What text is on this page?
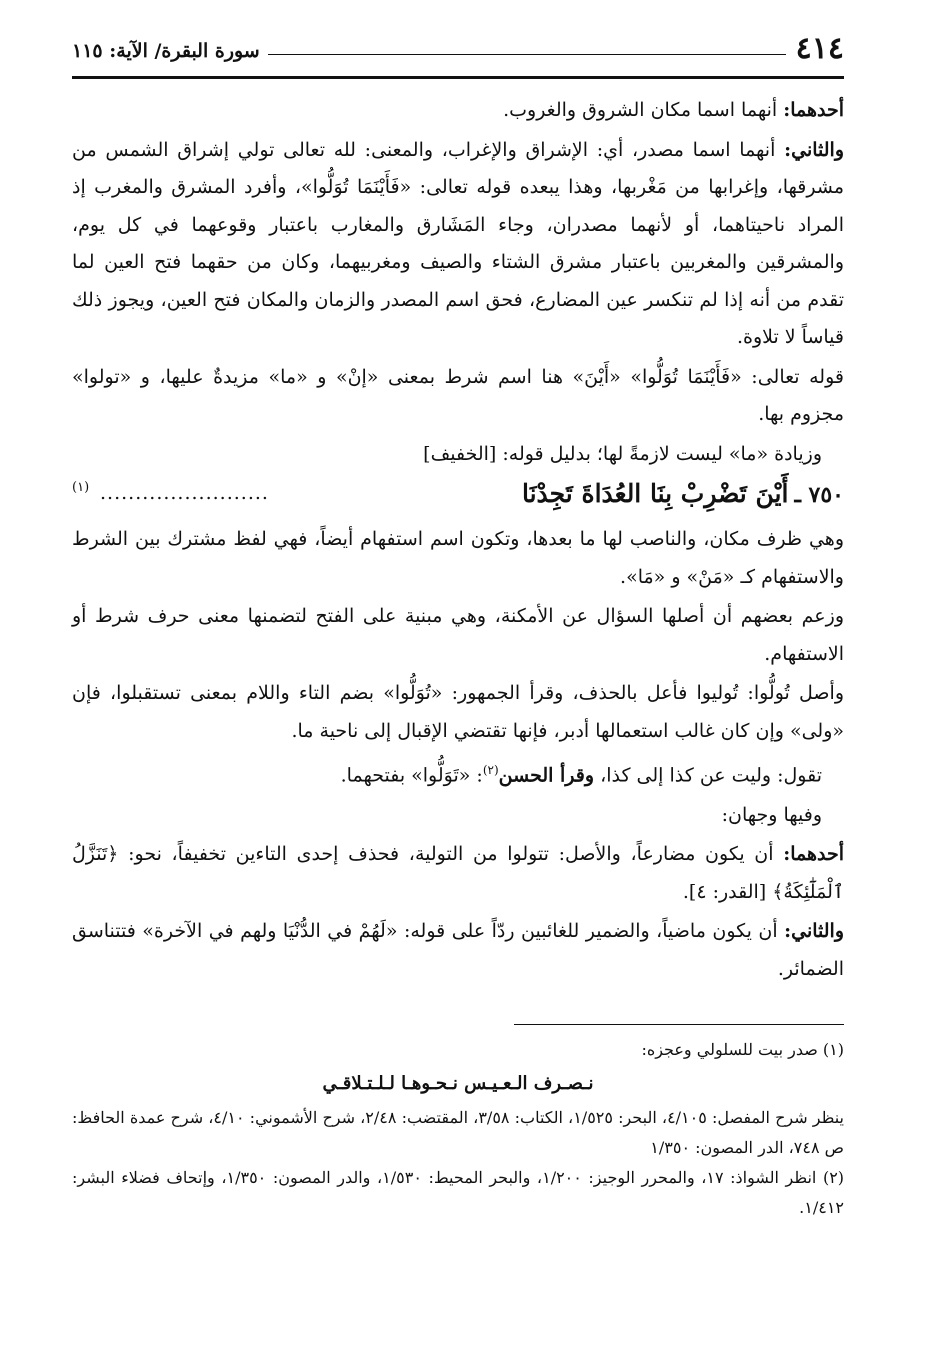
٤١٤
سورة البقرة/ الآية: ١١٥

أحدهما: أنهما اسما مكان الشروق والغروب.

والثاني: أنهما اسما مصدر، أي: الإشراق والإغراب، والمعنى: لله تعالى تولي إشراق الشمس من مشرقها، وإغرابها من مَغْربها، وهذا يبعده قوله تعالى: «فَأَيْنَمَا تُوَلُّوا»، وأفرد المشرق والمغرب إذ المراد ناحيتاهما، أو لأنهما مصدران، وجاء المَشَارق والمغارب باعتبار وقوعهما في كل يوم، والمشرقين والمغربين باعتبار مشرق الشتاء والصيف ومغربيهما، وكان من حقهما فتح العين لما تقدم من أنه إذا لم تنكسر عين المضارع، فحق اسم المصدر والزمان والمكان فتح العين، ويجوز ذلك قياساً لا تلاوة.

قوله تعالى: «فَأَيْنَمَا تُوَلُّوا» «أَيْنَ» هنا اسم شرط بمعنى «إنْ» و «ما» مزيدةٌ عليها، و «تولوا» مجزوم بها.

وزيادة «ما» ليست لازمةً لها؛ بدليل قوله: [الخفيف]

٧٥٠ ـ أَيْنَ تَضْرِبْ بِنَا العُدَاةَ تَجِدْنَا
........................
(١)

وهي ظرف مكان، والناصب لها ما بعدها، وتكون اسم استفهام أيضاً، فهي لفظ مشترك بين الشرط والاستفهام كـ «مَنْ» و «مَا».

وزعم بعضهم أن أصلها السؤال عن الأمكنة، وهي مبنية على الفتح لتضمنها معنى حرف شرط أو الاستفهام.

وأصل تُولُّوا: تُوليوا فأعل بالحذف، وقرأ الجمهور: «تُوَلُّوا» بضم التاء واللام بمعنى تستقبلوا، فإن «ولى» وإن كان غالب استعمالها أدبر، فإنها تقتضي الإقبال إلى ناحية ما.

تقول: وليت عن كذا إلى كذا، وقرأ الحسن$^{(٢)}$: «تَوَلُّوا» بفتحهما.

وفيها وجهان:

أحدهما: أن يكون مضارعاً، والأصل: تتولوا من التولية، فحذف إحدى التاءين تخفيفاً، نحو: ﴿تَنَزَّلُ ٱلْمَلَٰٓئِكَةُ﴾ [القدر: ٤].

والثاني: أن يكون ماضياً، والضمير للغائبين ردّاً على قوله: «لَهُمْ في الدُّنْيَا ولهم في الآخرة» فتتناسق الضمائر.

(١) صدر بيت للسلولي وعجزه:
نـصـرف الـعـيـس نـحـوهـا لـلـتـلاقـي
ينظر شرح المفصل: ٤/١٠٥، البحر: ١/٥٢٥، الكتاب: ٣/٥٨، المقتضب: ٢/٤٨، شرح الأشموني: ٤/١٠، شرح عمدة الحافظ: ص ٧٤٨، الدر المصون: ١/٣٥٠
(٢) انظر الشواذ: ١٧، والمحرر الوجيز: ١/٢٠٠، والبحر المحيط: ١/٥٣٠، والدر المصون: ١/٣٥٠، وإتحاف فضلاء البشر: ١/٤١٢.
